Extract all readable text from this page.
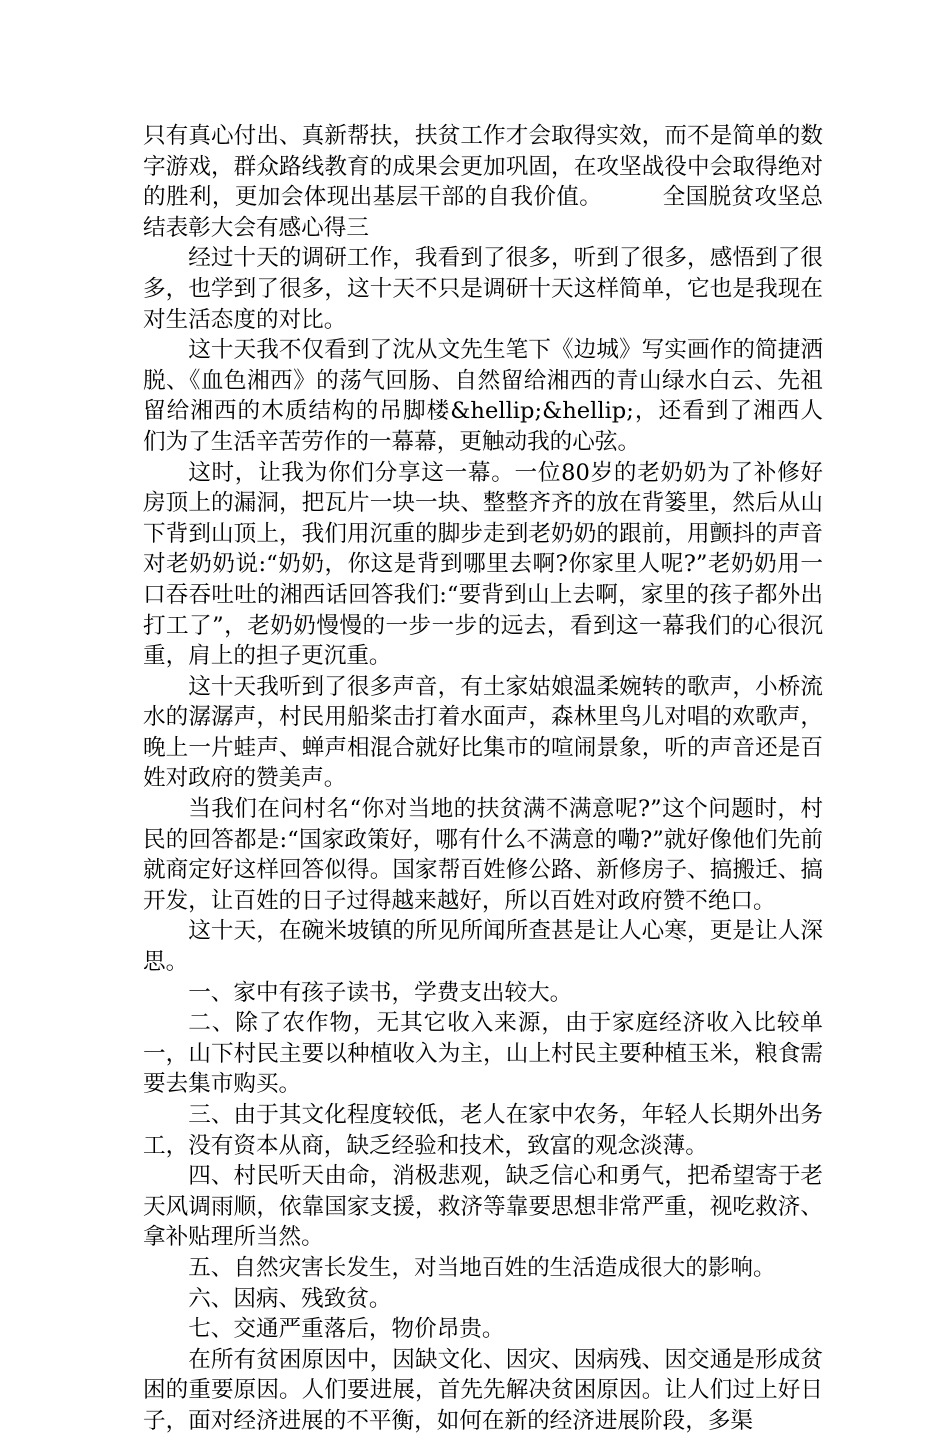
只有真心付出、真新帮扶，扶贫工作才会取得实效，而不是简单的数字游戏，群众路线教育的成果会更加巩固，在攻坚战役中会取得绝对的胜利，更加会体现出基层干部的自我价值。	全国脱贫攻坚总结表彰大会有感心得三

经过十天的调研工作，我看到了很多，听到了很多，感悟到了很多，也学到了很多，这十天不只是调研十天这样简单，它也是我现在对生活态度的对比。

这十天我不仅看到了沈从文先生笔下《边城》写实画作的简捷洒脱、《血色湘西》的荡气回肠、自然留给湘西的青山绿水白云、先祖留给湘西的木质结构的吊脚楼&hellip;&hellip;，还看到了湘西人们为了生活辛苦劳作的一幕幕，更触动我的心弦。

这时，让我为你们分享这一幕。一位80岁的老奶奶为了补修好房顶上的漏洞，把瓦片一块一块、整整齐齐的放在背篓里，然后从山下背到山顶上，我们用沉重的脚步走到老奶奶的跟前，用颤抖的声音对老奶奶说:“奶奶，你这是背到哪里去啊?你家里人呢?”老奶奶用一口吞吞吐吐的湘西话回答我们:“要背到山上去啊，家里的孩子都外出打工了”，老奶奶慢慢的一步一步的远去，看到这一幕我们的心很沉重，肩上的担子更沉重。

这十天我听到了很多声音，有土家姑娘温柔婉转的歌声，小桥流水的潺潺声，村民用船桨击打着水面声，森林里鸟儿对唱的欢歌声，晚上一片蛙声、蝉声相混合就好比集市的喧闹景象，听的声音还是百姓对政府的赞美声。

当我们在问村名“你对当地的扶贫满不满意呢?”这个问题时，村民的回答都是:“国家政策好，哪有什么不满意的嘞?”就好像他们先前就商定好这样回答似得。国家帮百姓修公路、新修房子、搞搬迁、搞开发，让百姓的日子过得越来越好，所以百姓对政府赞不绝口。

这十天，在碗米坡镇的所见所闻所查甚是让人心寒，更是让人深思。

一、家中有孩子读书，学费支出较大。

二、除了农作物，无其它收入来源，由于家庭经济收入比较单一，山下村民主要以种植收入为主，山上村民主要种植玉米，粮食需要去集市购买。

三、由于其文化程度较低，老人在家中农务，年轻人长期外出务工，没有资本从商，缺乏经验和技术，致富的观念淡薄。

四、村民听天由命，消极悲观，缺乏信心和勇气，把希望寄于老天风调雨顺，依靠国家支援，救济等靠要思想非常严重，视吃救济、拿补贴理所当然。

五、自然灾害长发生，对当地百姓的生活造成很大的影响。

六、因病、残致贫。

七、交通严重落后，物价昂贵。

在所有贫困原因中，因缺文化、因灾、因病残、因交通是形成贫困的重要原因。人们要进展，首先先解决贫困原因。让人们过上好日子，面对经济进展的不平衡，如何在新的经济进展阶段，多渠
